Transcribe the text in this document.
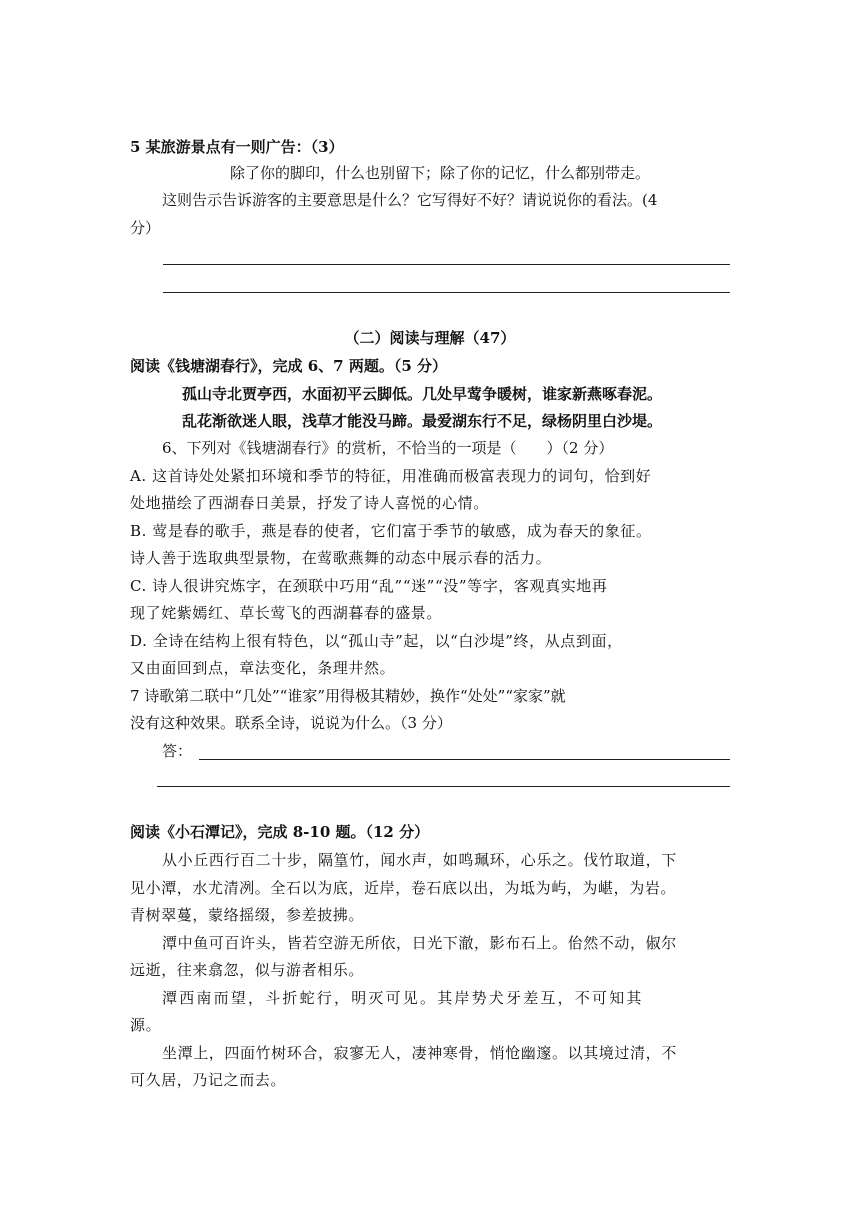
5 某旅游景点有一则广告：（3）
除了你的脚印，什么也别留下；除了你的记忆，什么都别带走。
这则告示告诉游客的主要意思是什么？它写得好不好？请说说你的看法。(4
分）
（二）阅读与理解（47）
阅读《钱塘湖春行》，完成 6、7 两题。（5 分）
孤山寺北贾亭西，水面初平云脚低。几处早莺争暖树，谁家新燕啄春泥。
乱花渐欲迷人眼，浅草才能没马蹄。最爱湖东行不足，绿杨阴里白沙堤。
6、下列对《钱塘湖春行》的赏析，不恰当的一项是（　　）（2 分）
A. 这首诗处处紧扣环境和季节的特征，用准确而极富表现力的词句，恰到好
处地描绘了西湖春日美景，抒发了诗人喜悦的心情。
B. 莺是春的歌手，燕是春的使者，它们富于季节的敏感，成为春天的象征。
诗人善于选取典型景物，在莺歌燕舞的动态中展示春的活力。
C. 诗人很讲究炼字，在颈联中巧用“乱”“迷”“没”等字，客观真实地再
现了姹紫嫣红、草长莺飞的西湖暮春的盛景。
D. 全诗在结构上很有特色，以“孤山寺”起，以“白沙堤”终，从点到面，
又由面回到点，章法变化，条理井然。
7 诗歌第二联中“几处”“谁家”用得极其精妙，换作“处处”“家家”就
没有这种效果。联系全诗，说说为什么。（3 分）
答：
阅读《小石潭记》，完成 8-10 题。（12 分）
从小丘西行百二十步，隔篁竹，闻水声，如鸣珮环，心乐之。伐竹取道，下
见小潭，水尤清冽。全石以为底，近岸，卷石底以出，为坻为屿，为嵁，为岩。
青树翠蔓，蒙络摇缀，参差披拂。
潭中鱼可百许头，皆若空游无所依，日光下澈，影布石上。佁然不动，俶尔
远逝，往来翕忽，似与游者相乐。
潭西南而望，斗折蛇行，明灭可见。其岸势犬牙差互，不可知其
源。
坐潭上，四面竹树环合，寂寥无人，凄神寒骨，悄怆幽邃。以其境过清，不
可久居，乃记之而去。
